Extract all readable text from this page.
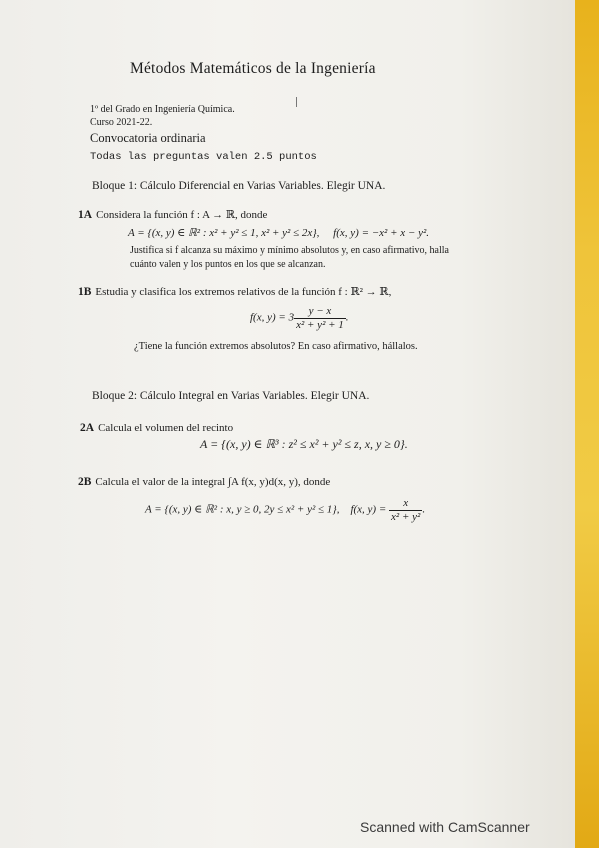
Métodos Matemáticos de la Ingeniería
1º del Grado en Ingeniería Química.
Curso 2021-22.
Convocatoria ordinaria
Todas las preguntas valen 2.5 puntos
Bloque 1: Cálculo Diferencial en Varias Variables. Elegir UNA.
1A Considera la función f : A → ℝ, donde
A = {(x, y) ∈ ℝ² : x² + y² ≤ 1, x² + y² ≤ 2x}, f(x, y) = −x² + x − y².
Justifica si f alcanza su máximo y mínimo absolutos y, en caso afirmativo, halla
cuánto valen y los puntos en los que se alcanzan.
1B Estudia y clasifica los extremos relativos de la función f : ℝ² → ℝ,
f(x, $y) = 3 \frac{y - x}{\text{x² + y² + 1}}$ .
¿Tiene la función extremos absolutos? En caso afirmativo, hállalos.
Bloque 2: Cálculo Integral en Varias Variables. Elegir UNA.
2A Calcula el volumen del recinto
A = {(x, y) ∈ ℝ³ : z² ≤ x² + y² ≤ z, x, y ≥ 0}.
2B Calcula el valor de la integral ∫A f(x, y)d(x, y), donde
A = {(x, y) ∈ ℝ² : x, y ≥ 0, 2y ≤ x² + y² ≤ 1}, f(x, $y) = \frac{x}{\text{x² + y²}}$ .
Scanned with CamScanner
